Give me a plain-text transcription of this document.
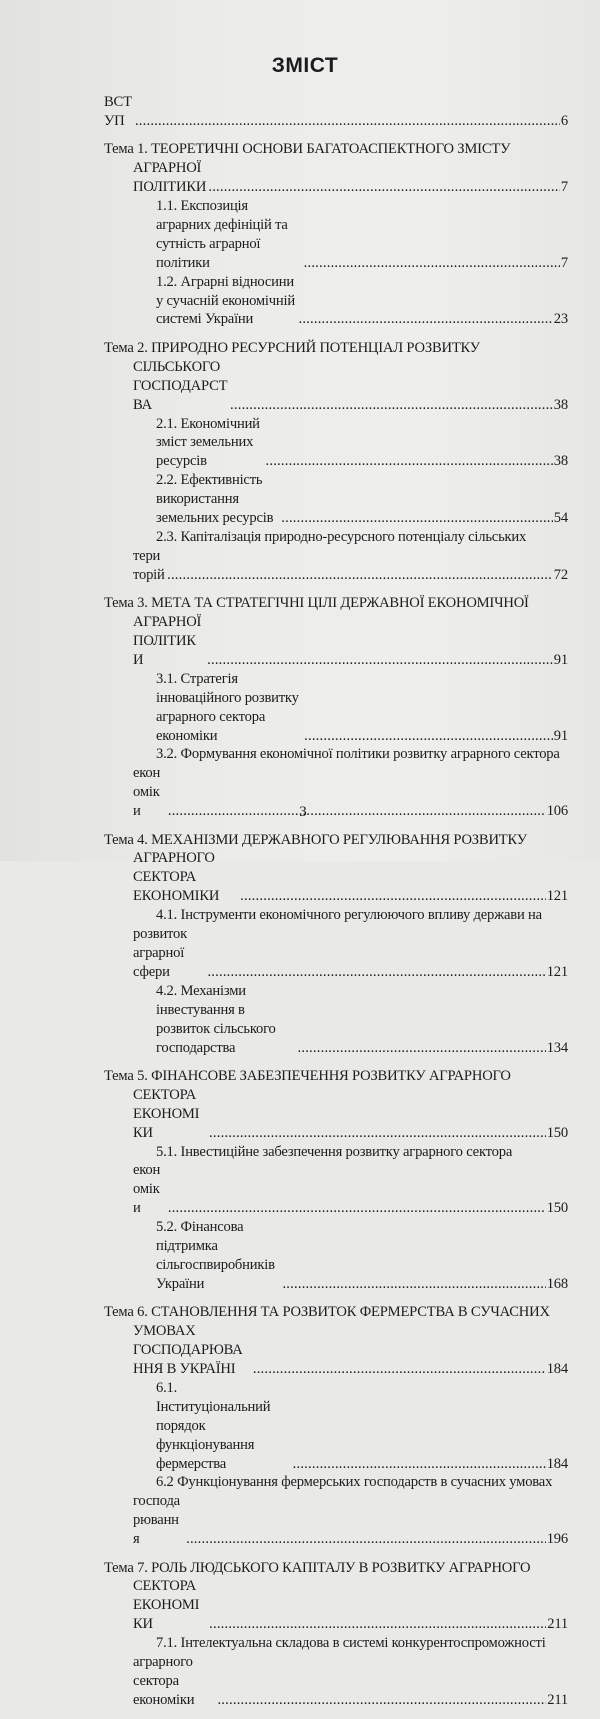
ЗМІСТ
ВСТУП .....	6
Тема 1. ТЕОРЕТИЧНІ ОСНОВИ БАГАТОАСПЕКТНОГО ЗМІСТУ
АГРАРНОЇ ПОЛІТИКИ .....	7
1.1. Експозиція аграрних дефініцій та сутність аграрної політики .....	7
1.2. Аграрні відносини у сучасній економічній системі України .....	23
Тема 2. ПРИРОДНО РЕСУРСНИЙ ПОТЕНЦІАЛ РОЗВИТКУ
СІЛЬСЬКОГО ГОСПОДАРСТВА .....	38
2.1. Економічний зміст земельних ресурсів .....	38
2.2. Ефективність використання земельних ресурсів .....	54
2.3. Капіталізація природно-ресурсного потенціалу сільських
територій .....	72
Тема 3. МЕТА ТА СТРАТЕГІЧНІ ЦІЛІ ДЕРЖАВНОЇ ЕКОНОМІЧНОЇ
АГРАРНОЇ ПОЛІТИКИ .....	91
3.1. Стратегія інноваційного розвитку аграрного сектора економіки .....	91
3.2. Формування економічної політики розвитку аграрного сектора
економіки .....	106
Тема 4. МЕХАНІЗМИ ДЕРЖАВНОГО РЕГУЛЮВАННЯ РОЗВИТКУ
АГРАРНОГО СЕКТОРА ЕКОНОМІКИ .....	121
4.1. Інструменти економічного регулюючого впливу держави на
розвиток аграрної сфери .....	121
4.2. Механізми інвестування в розвиток сільського господарства .....	134
Тема 5. ФІНАНСОВЕ ЗАБЕЗПЕЧЕННЯ РОЗВИТКУ АГРАРНОГО
СЕКТОРА ЕКОНОМІКИ .....	150
5.1. Інвестиційне забезпечення розвитку аграрного сектора
економіки .....	150
5.2. Фінансова підтримка сільгоспвиробників України .....	168
Тема 6. СТАНОВЛЕННЯ ТА РОЗВИТОК ФЕРМЕРСТВА В СУЧАСНИХ
УМОВАХ ГОСПОДАРЮВАННЯ В УКРАЇНІ .....	184
6.1. Інституціональний порядок функціонування фермерства .....	184
6.2 Функціонування фермерських господарств в сучасних умовах
господарювання .....	196
Тема 7. РОЛЬ ЛЮДСЬКОГО КАПІТАЛУ В РОЗВИТКУ АГРАРНОГО
СЕКТОРА ЕКОНОМІКИ .....	211
7.1. Інтелектуальна складова в системі конкурентоспроможності
аграрного сектора економіки .....	211
3
